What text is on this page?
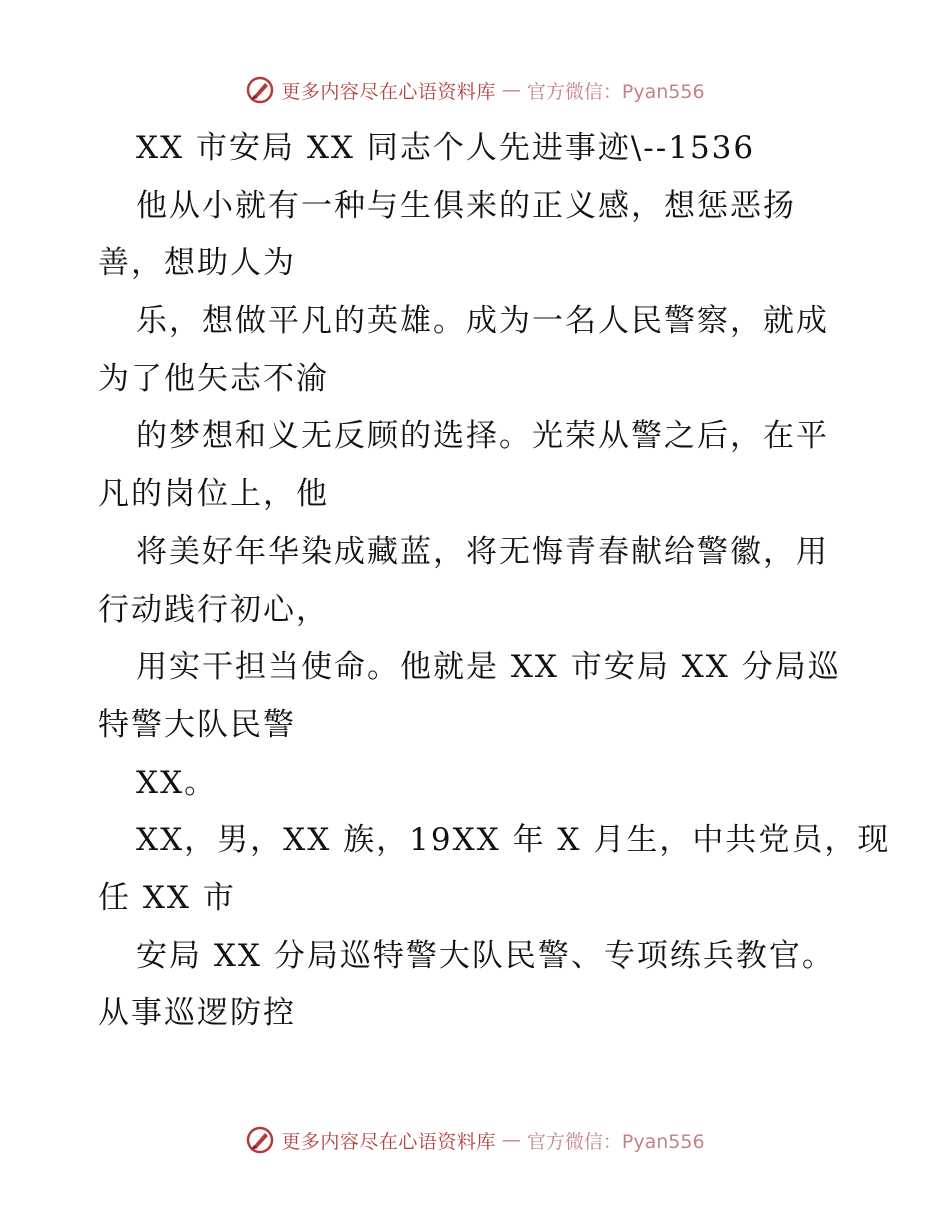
更多内容尽在心语资料库 — 官方微信：Pyan556
XX 市安局 XX 同志个人先进事迹\--1536
他从小就有一种与生俱来的正义感，想惩恶扬
善，想助人为
乐，想做平凡的英雄。成为一名人民警察，就成
为了他矢志不渝
的梦想和义无反顾的选择。光荣从警之后，在平
凡的岗位上，他
将美好年华染成藏蓝，将无悔青春献给警徽，用
行动践行初心，
用实干担当使命。他就是 XX 市安局 XX 分局巡
特警大队民警
XX。
XX，男，XX 族，19XX 年 X 月生，中共党员，现
任 XX 市
安局 XX 分局巡特警大队民警、专项练兵教官。
从事巡逻防控
更多内容尽在心语资料库 — 官方微信：Pyan556
